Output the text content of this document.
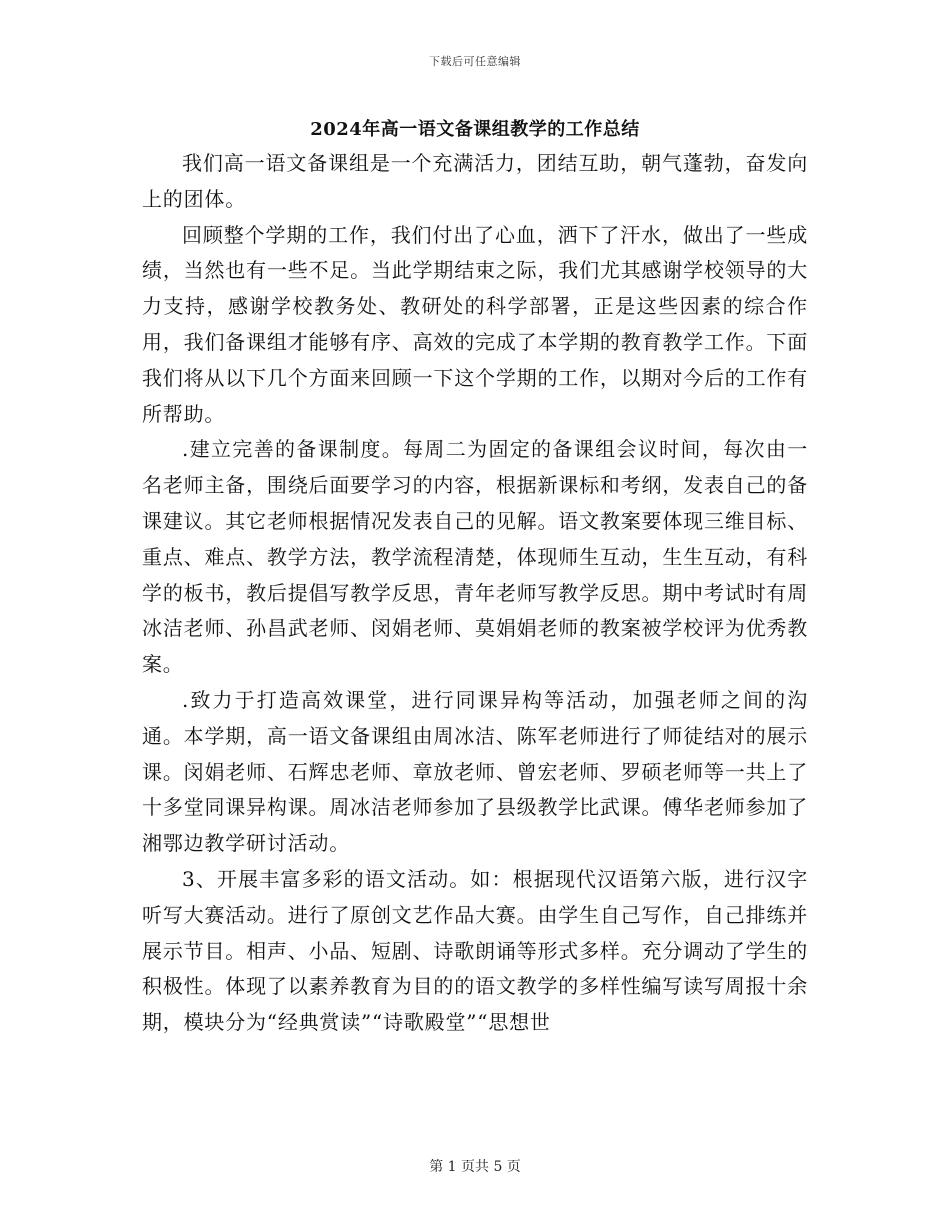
下载后可任意编辑
2024年高一语文备课组教学的工作总结

我们高一语文备课组是一个充满活力，团结互助，朝气蓬勃，奋发向上的团体。

回顾整个学期的工作，我们付出了心血，洒下了汗水，做出了一些成绩，当然也有一些不足。当此学期结束之际，我们尤其感谢学校领导的大力支持，感谢学校教务处、教研处的科学部署，正是这些因素的综合作用，我们备课组才能够有序、高效的完成了本学期的教育教学工作。下面我们将从以下几个方面来回顾一下这个学期的工作，以期对今后的工作有所帮助。

.建立完善的备课制度。每周二为固定的备课组会议时间，每次由一名老师主备，围绕后面要学习的内容，根据新课标和考纲，发表自己的备课建议。其它老师根据情况发表自己的见解。语文教案要体现三维目标、重点、难点、教学方法，教学流程清楚，体现师生互动，生生互动，有科学的板书，教后提倡写教学反思，青年老师写教学反思。期中考试时有周冰洁老师、孙昌武老师、闵娟老师、莫娟娟老师的教案被学校评为优秀教案。

.致力于打造高效课堂，进行同课异构等活动，加强老师之间的沟通。本学期，高一语文备课组由周冰洁、陈军老师进行了师徒结对的展示课。闵娟老师、石辉忠老师、章放老师、曾宏老师、罗硕老师等一共上了十多堂同课异构课。周冰洁老师参加了县级教学比武课。傅华老师参加了湘鄂边教学研讨活动。

3、开展丰富多彩的语文活动。如：根据现代汉语第六版，进行汉字听写大赛活动。进行了原创文艺作品大赛。由学生自己写作，自己排练并展示节目。相声、小品、短剧、诗歌朗诵等形式多样。充分调动了学生的积极性。体现了以素养教育为目的的语文教学的多样性编写读写周报十余期，模块分为“经典赏读”“诗歌殿堂”“思想世

第 1 页共 5 页
